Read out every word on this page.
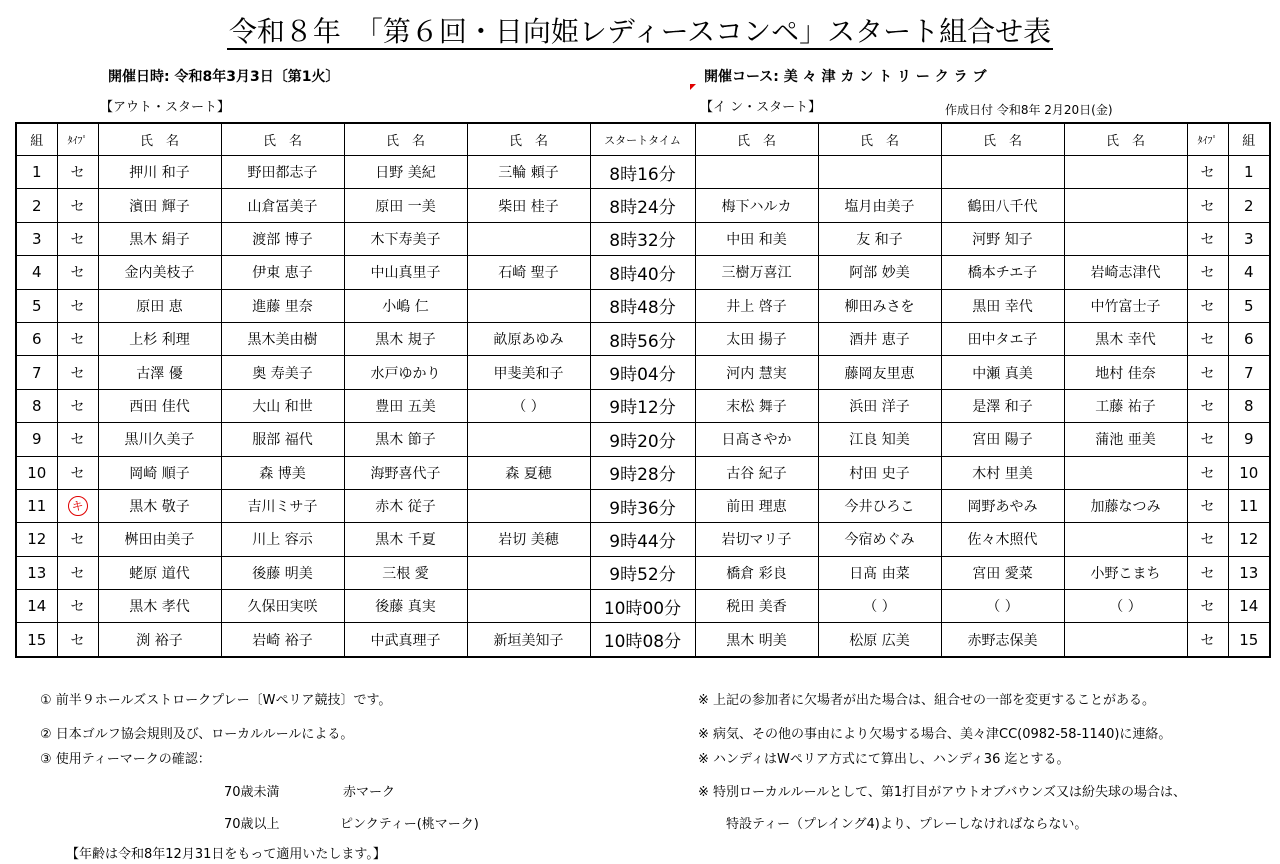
令和８年　「第６回・日向姫レディースコンペ」スタート組合せ表
開催日時: 令和8年3月3日〔第1火〕	開催コース: 美 々 津 カ ン ト リ ー ク ラ ブ
【アウト・スタート】	【イ ン・スタート】	作成日付 令和8年 2月20日(金)
組	ﾀｲﾌﾟ	氏　名	氏　名	氏　名	氏　名	スタートタイム	氏　名	氏　名	氏　名	氏　名	ﾀｲﾌﾟ	組
1	セ	押川 和子	野田都志子	日野 美紀	三輪 頼子	8時16分					セ	1
2	セ	濱田 輝子	山倉冨美子	原田 一美	柴田 桂子	8時24分	梅下ハルカ	塩月由美子	鶴田八千代		セ	2
3	セ	黒木 絹子	渡部 博子	木下寿美子		8時32分	中田 和美	友 和子	河野 知子		セ	3
4	セ	金内美枝子	伊東 恵子	中山真里子	石崎 聖子	8時40分	三樹万喜江	阿部 妙美	橋本チエ子	岩崎志津代	セ	4
5	セ	原田 恵	進藤 里奈	小嶋 仁		8時48分	井上 啓子	柳田みさを	黒田 幸代	中竹富士子	セ	5
6	セ	上杉 利理	黒木美由樹	黒木 規子	畝原あゆみ	8時56分	太田 揚子	酒井 恵子	田中タエ子	黒木 幸代	セ	6
7	セ	古澤 優	奥 寿美子	水戸ゆかり	甲斐美和子	9時04分	河内 慧実	藤岡友里恵	中瀬 真美	地村 佳奈	セ	7
8	セ	西田 佳代	大山 和世	豊田 五美	（ ）	9時12分	末松 舞子	浜田 洋子	是澤 和子	工藤 祐子	セ	8
9	セ	黒川久美子	服部 福代	黒木 節子		9時20分	日髙さやか	江良 知美	宮田 陽子	蒲池 亜美	セ	9
10	セ	岡崎 順子	森 博美	海野喜代子	森 夏穂	9時28分	古谷 紀子	村田 史子	木村 里美		セ	10
11	キ	黒木 敬子	吉川ミサ子	赤木 従子		9時36分	前田 理恵	今井ひろこ	岡野あやみ	加藤なつみ	セ	11
12	セ	桝田由美子	川上 容示	黒木 千夏	岩切 美穂	9時44分	岩切マリ子	今宿めぐみ	佐々木照代		セ	12
13	セ	蛯原 道代	後藤 明美	三根 愛		9時52分	橋倉 彩良	日髙 由菜	宮田 愛菜	小野こまち	セ	13
14	セ	黒木 孝代	久保田実咲	後藤 真実		10時00分	税田 美香	（ ）	（ ）	（ ）	セ	14
15	セ	渕 裕子	岩崎 裕子	中武真理子	新垣美知子	10時08分	黒木 明美	松原 広美	赤野志保美		セ	15
① 前半９ホールズストロークプレー〔Wペリア競技〕です。
② 日本ゴルフ協会規則及び、ローカルルールによる。
③ 使用ティーマークの確認：
70歳未満	赤マーク
70歳以上	ピンクティー(桃マーク)
【年齢は令和8年12月31日をもって適用いたします。】
※ 上記の参加者に欠場者が出た場合は、組合せの一部を変更することがある。
※ 病気、その他の事由により欠場する場合、美々津CC(0982-58-1140)に連絡。
※ ハンディはWペリア方式にて算出し、ハンディ36 迄とする。
※ 特別ローカルルールとして、第1打目がアウトオブバウンズ又は紛失球の場合は、
特設ティー（プレイング4)より、プレーしなければならない。
